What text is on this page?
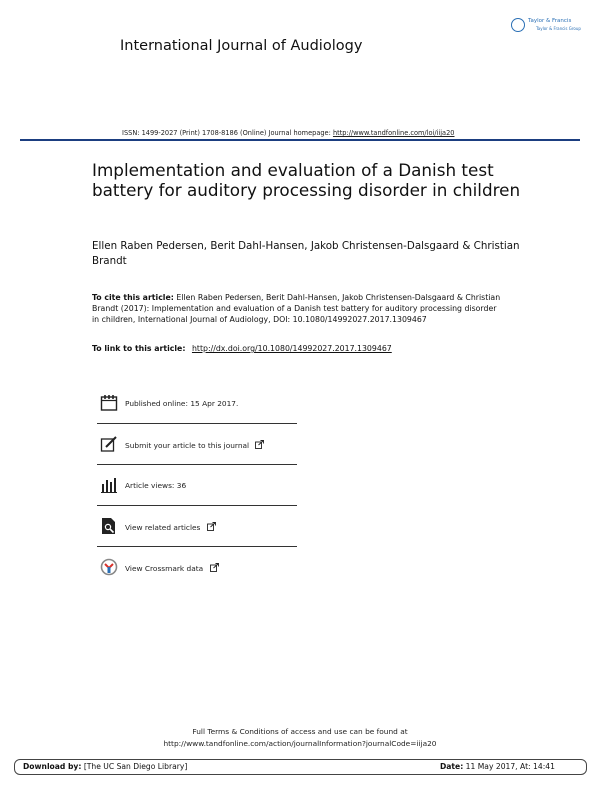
International Journal of Audiology
Taylor & Francis
Taylor & Francis Group
ISSN: 1499-2027 (Print) 1708-8186 (Online) Journal homepage: http://www.tandfonline.com/loi/iija20
Implementation and evaluation of a Danish test battery for auditory processing disorder in children
Ellen Raben Pedersen, Berit Dahl-Hansen, Jakob Christensen-Dalsgaard & Christian Brandt
To cite this article: Ellen Raben Pedersen, Berit Dahl-Hansen, Jakob Christensen-Dalsgaard & Christian Brandt (2017): Implementation and evaluation of a Danish test battery for auditory processing disorder in children, International Journal of Audiology, DOI: 10.1080/14992027.2017.1309467
To link to this article: http://dx.doi.org/10.1080/14992027.2017.1309467
Published online: 15 Apr 2017.
Submit your article to this journal
Article views: 36
View related articles
View Crossmark data
Full Terms & Conditions of access and use can be found at
http://www.tandfonline.com/action/journalInformation?journalCode=iija20
Download by: [The UC San Diego Library]	Date: 11 May 2017, At: 14:41
